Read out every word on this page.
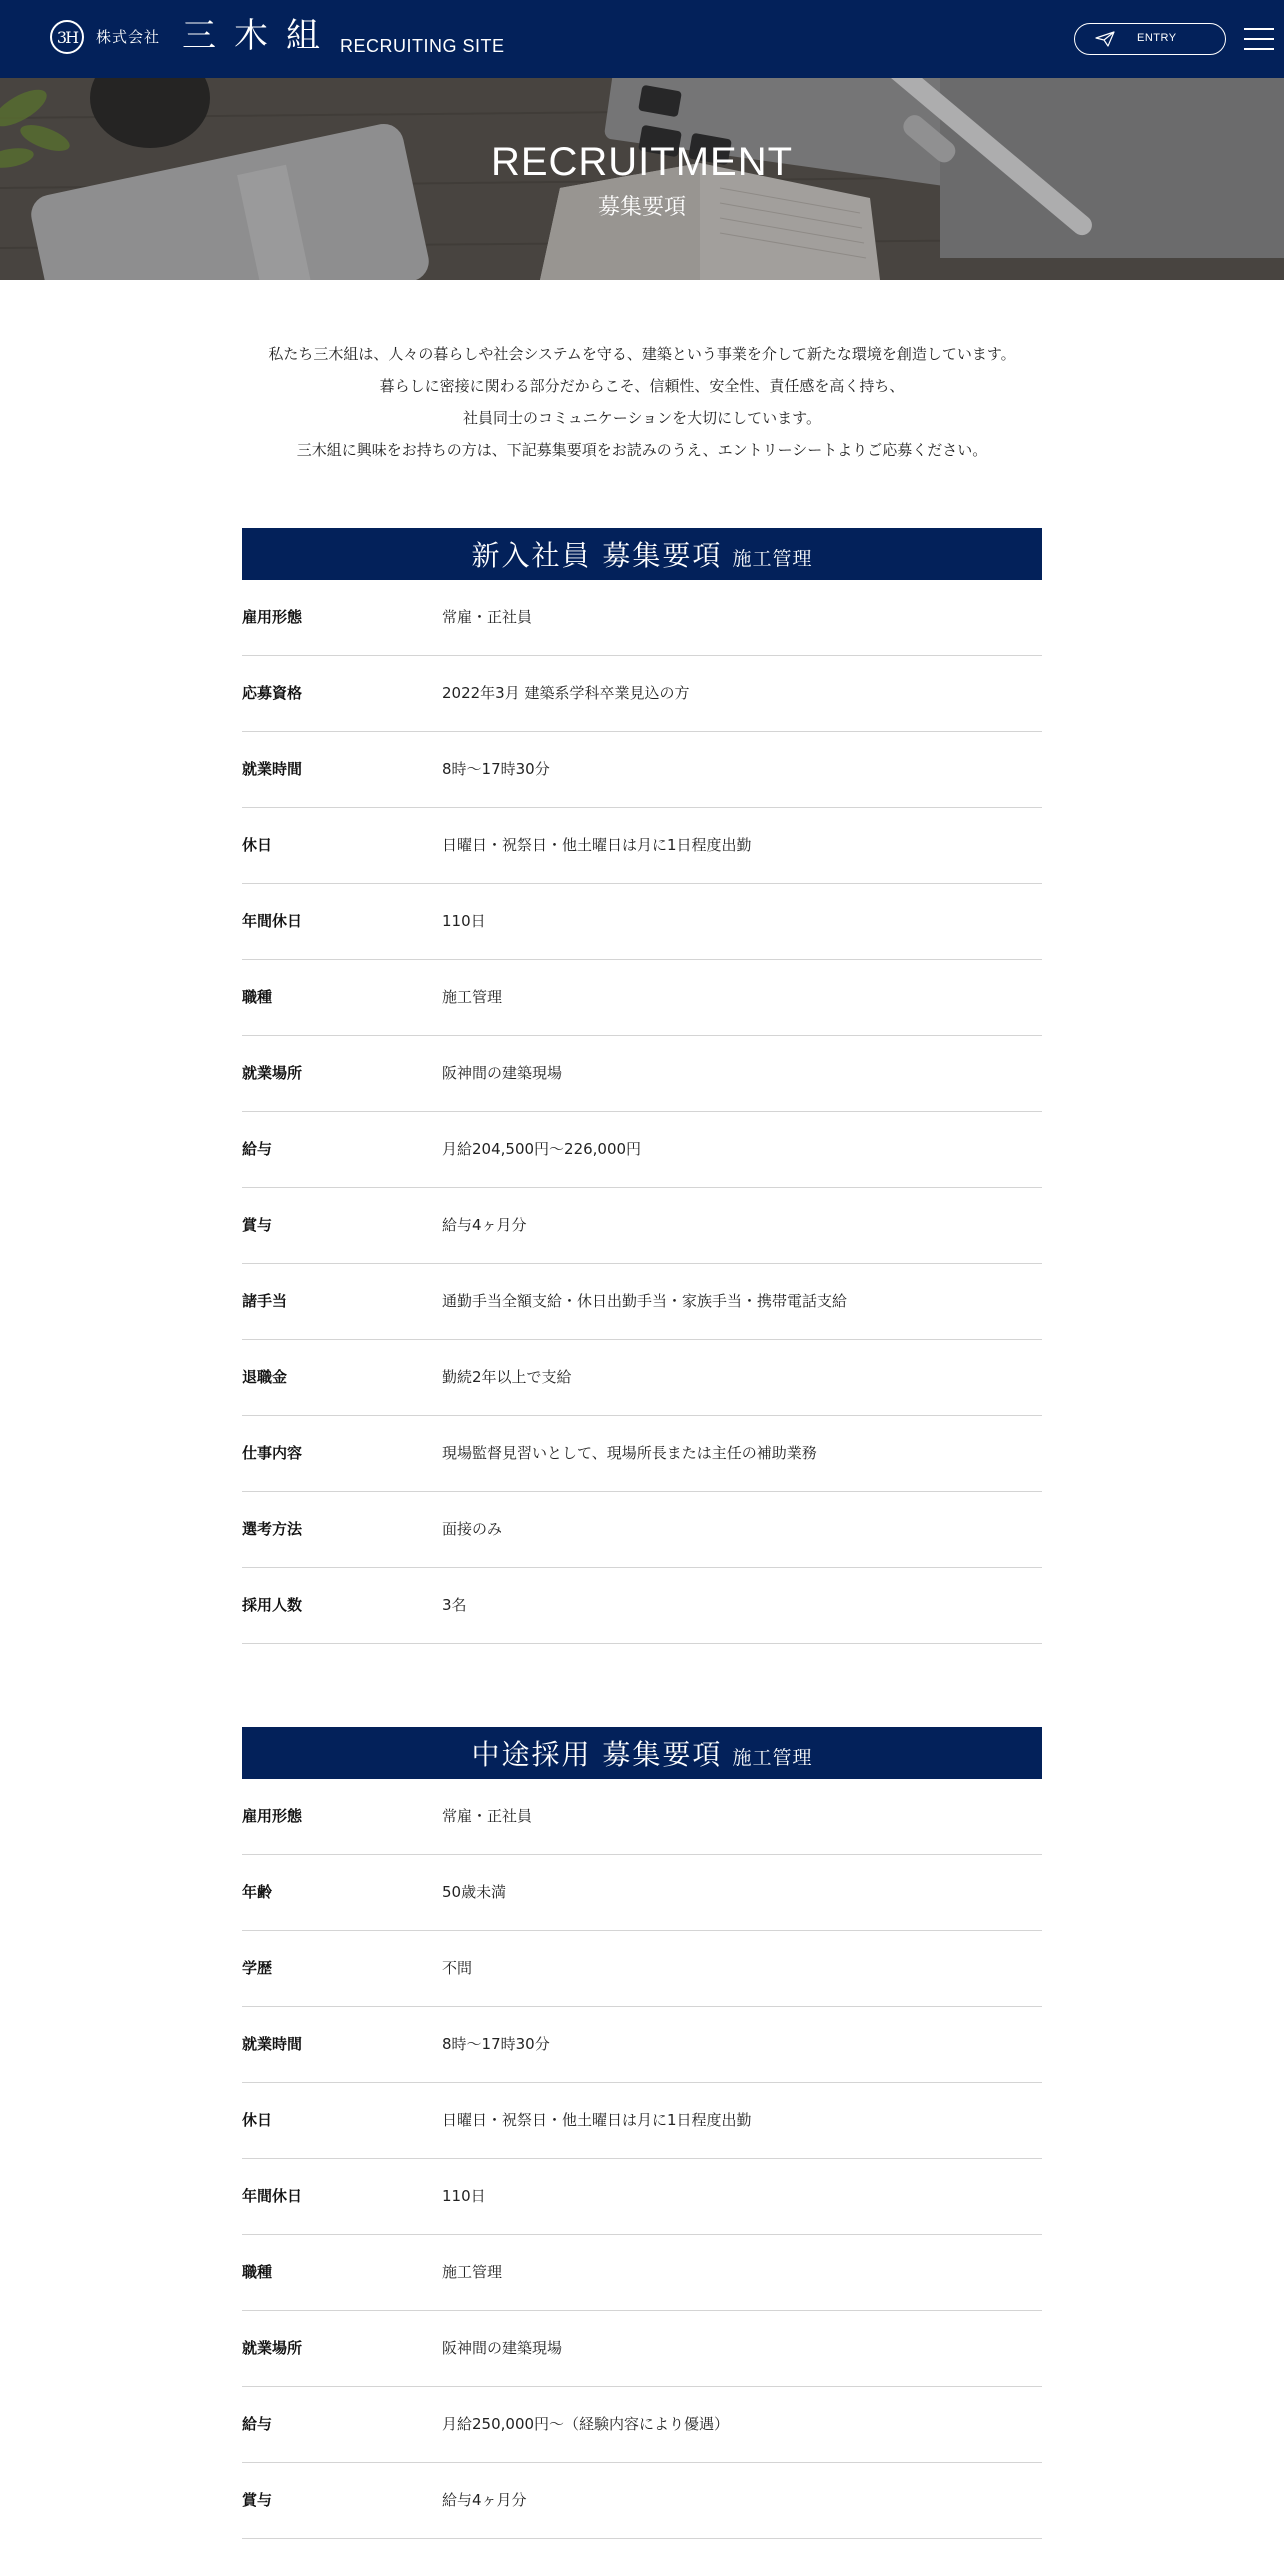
3H	株式会社 三木組 RECRUITING SITE	ENTRY
RECRUITMENT
募集要項
私たち三木組は、人々の暮らしや社会システムを守る、建築という事業を介して新たな環境を創造しています。
暮らしに密接に関わる部分だからこそ、信頼性、安全性、責任感を高く持ち、
社員同士のコミュニケーションを大切にしています。
三木組に興味をお持ちの方は、下記募集要項をお読みのうえ、エントリーシートよりご応募ください。
新入社員 募集要項 施工管理
雇用形態	常雇・正社員
応募資格	2022年3月 建築系学科卒業見込の方
就業時間	8時～17時30分
休日	日曜日・祝祭日・他土曜日は月に1日程度出勤
年間休日	110日
職種	施工管理
就業場所	阪神間の建築現場
給与	月給204,500円～226,000円
賞与	給与4ヶ月分
諸手当	通勤手当全額支給・休日出勤手当・家族手当・携帯電話支給
退職金	勤続2年以上で支給
仕事内容	現場監督見習いとして、現場所長または主任の補助業務
選考方法	面接のみ
採用人数	3名
中途採用 募集要項 施工管理
雇用形態	常雇・正社員
年齢	50歳未満
学歴	不問
就業時間	8時～17時30分
休日	日曜日・祝祭日・他土曜日は月に1日程度出勤
年間休日	110日
職種	施工管理
就業場所	阪神間の建築現場
給与	月給250,000円～（経験内容により優遇）
賞与	給与4ヶ月分
